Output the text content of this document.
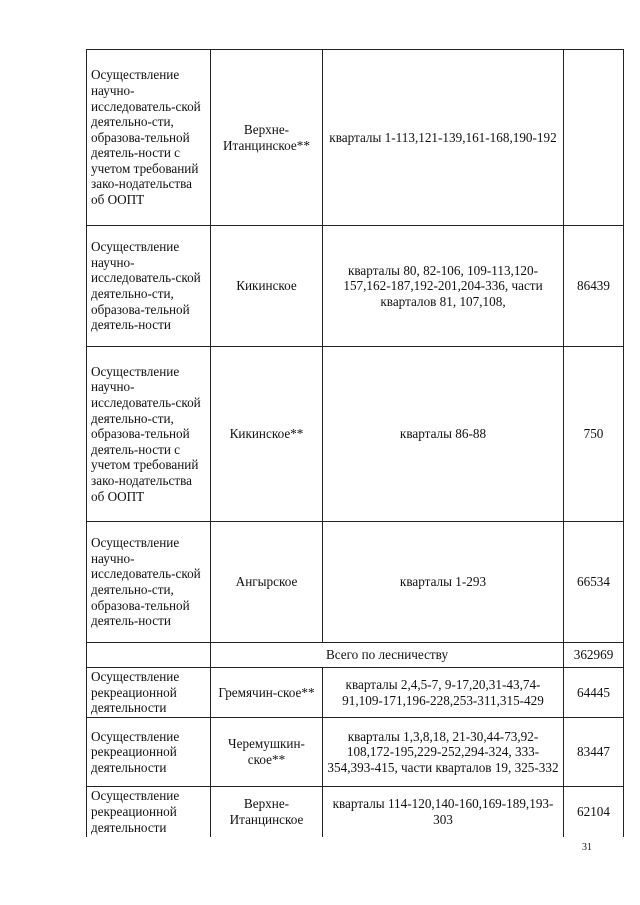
Осуществление научно-исследователь-ской деятельно-сти, образова-тельной деятель-ности с учетом требований зако-нодательства об ООПТ	Верхне-Итанцинское**	кварталы 1-113,121-139,161-168,190-192	
Осуществление научно-исследователь-ской деятельно-сти, образова-тельной деятель-ности	Кикинское	кварталы 80, 82-106, 109-113,120-157,162-187,192-201,204-336, части кварталов 81, 107,108,	86439
Осуществление научно-исследователь-ской деятельно-сти, образова-тельной деятель-ности с учетом требований зако-нодательства об ООПТ	Кикинское**	кварталы 86-88	750
Осуществление научно-исследователь-ской деятельно-сти, образова-тельной деятель-ности	Ангырское	кварталы 1-293	66534
	Всего по лесничеству		362969
Осуществление рекреационной деятельности	Гремячин-ское**	кварталы 2,4,5-7, 9-17,20,31-43,74-91,109-171,196-228,253-311,315-429	64445
Осуществление рекреационной деятельности	Черемушкин-ское**	кварталы 1,3,8,18, 21-30,44-73,92-108,172-195,229-252,294-324, 333-354,393-415, части кварталов 19, 325-332	83447
Осуществление рекреационной деятельности	Верхне-Итанцинское	кварталы 114-120,140-160,169-189,193-303	62104
31
